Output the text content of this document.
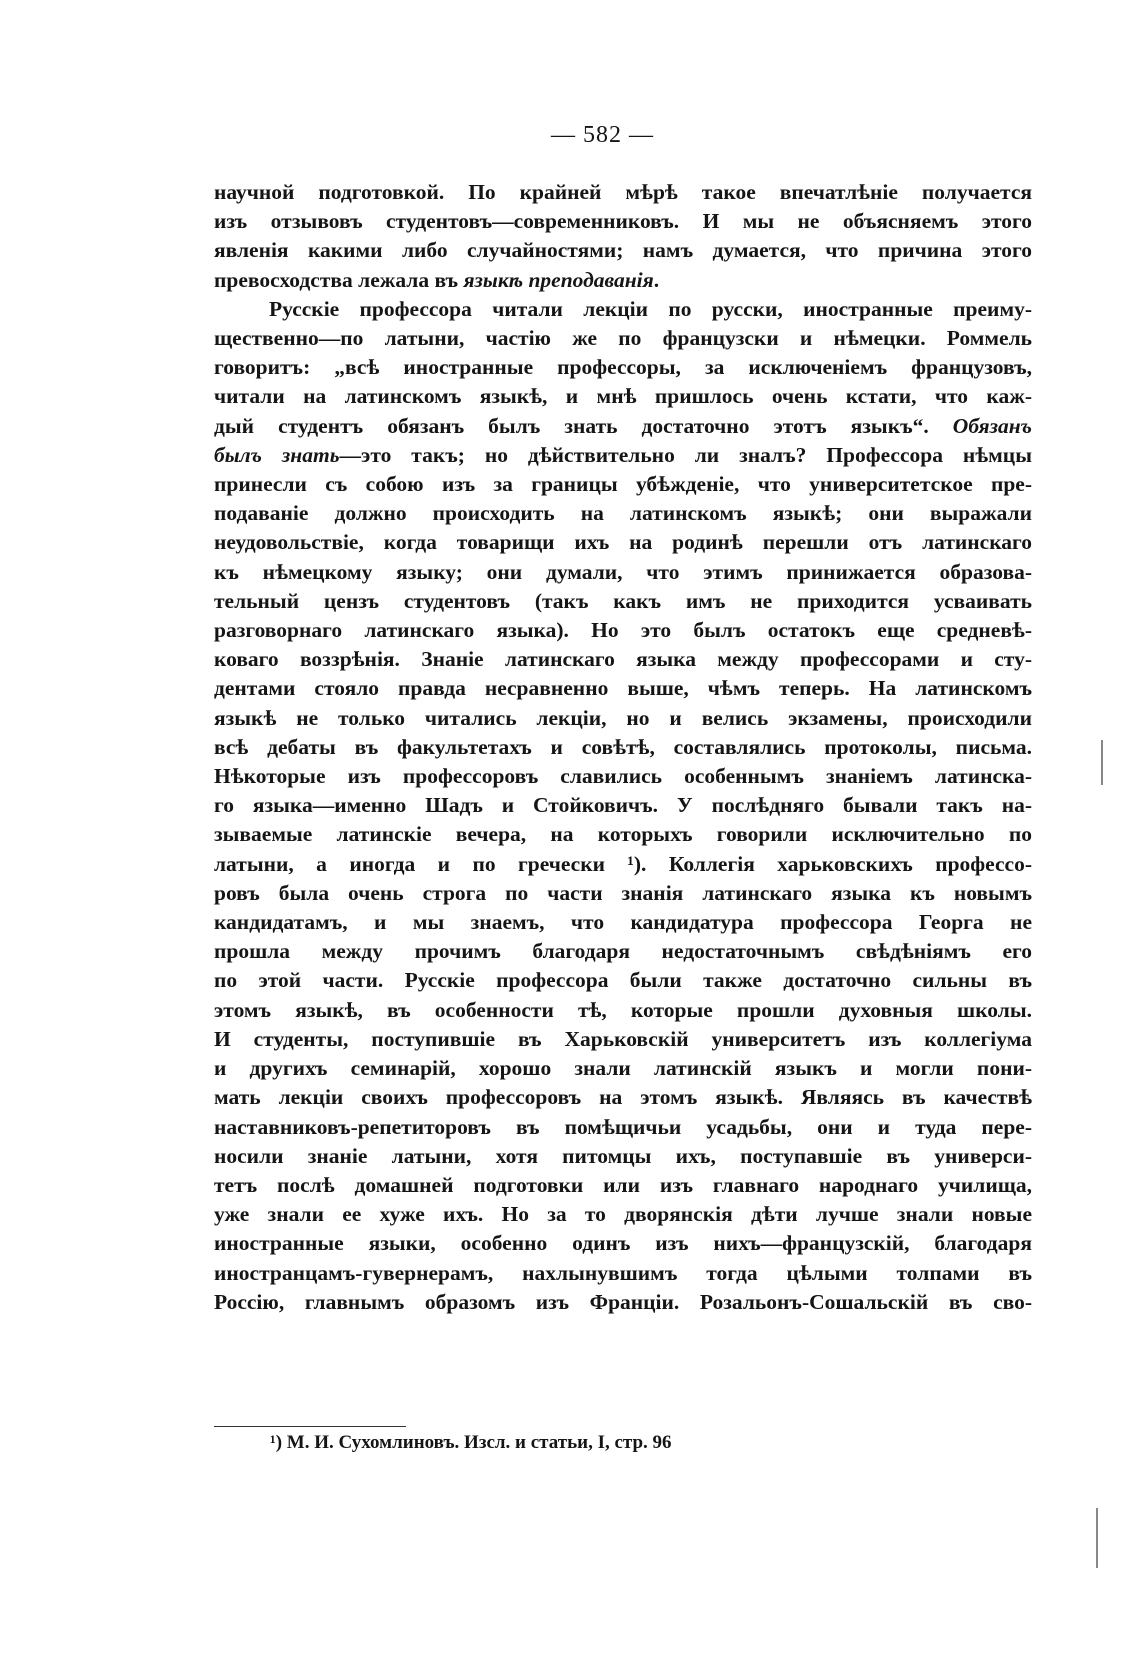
— 582 —
научной подготовкой. По крайней мѣрѣ такое впечатлѣніе получается
изъ отзывовъ студентовъ—современниковъ. И мы не объясняемъ этого
явленія какими либо случайностями; намъ думается, что причина этого
превосходства лежала въ языкѣ преподаванія.
Русскіе профессора читали лекціи по русски, иностранные преиму-
щественно—по латыни, частію же по французски и нѣмецки. Роммель
говоритъ: „всѣ иностранные профессоры, за исключеніемъ французовъ,
читали на латинскомъ языкѣ, и мнѣ пришлось очень кстати, что каж-
дый студентъ обязанъ былъ знать достаточно этотъ языкъ“. Обязанъ
былъ знать—это такъ; но дѣйствительно ли зналъ? Профессора нѣмцы
принесли съ собою изъ за границы убѣжденіе, что университетское пре-
подаваніе должно происходить на латинскомъ языкѣ; они выражали
неудовольствіе, когда товарищи ихъ на родинѣ перешли отъ латинскаго
къ нѣмецкому языку; они думали, что этимъ принижается образова-
тельный цензъ студентовъ (такъ какъ имъ не приходится усваивать
разговорнаго латинскаго языка). Но это былъ остатокъ еще средневѣ-
коваго воззрѣнія. Знаніе латинскаго языка между профессорами и сту-
дентами стояло правда несравненно выше, чѣмъ теперь. На латинскомъ
языкѣ не только читались лекціи, но и велись экзамены, происходили
всѣ дебаты въ факультетахъ и совѣтѣ, составлялись протоколы, письма.
Нѣкоторые изъ профессоровъ славились особеннымъ знаніемъ латинска-
го языка—именно Шадъ и Стойковичъ. У послѣдняго бывали такъ на-
зываемые латинскіе вечера, на которыхъ говорили исключительно по
латыни, а иногда и по гречески ¹). Коллегія харьковскихъ профессо-
ровъ была очень строга по части знанія латинскаго языка къ новымъ
кандидатамъ, и мы знаемъ, что кандидатура профессора Георга не
прошла между прочимъ благодаря недостаточнымъ свѣдѣніямъ его
по этой части. Русскіе профессора были также достаточно сильны въ
этомъ языкѣ, въ особенности тѣ, которые прошли духовныя школы.
И студенты, поступившіе въ Харьковскій университетъ изъ коллегіума
и другихъ семинарій, хорошо знали латинскій языкъ и могли пони-
мать лекціи своихъ профессоровъ на этомъ языкѣ. Являясь въ качествѣ
наставниковъ-репетиторовъ въ помѣщичьи усадьбы, они и туда пере-
носили знаніе латыни, хотя питомцы ихъ, поступавшіе въ универси-
тетъ послѣ домашней подготовки или изъ главнаго народнаго училища,
уже знали ее хуже ихъ. Но за то дворянскія дѣти лучше знали новые
иностранные языки, особенно одинъ изъ нихъ—французскій, благодаря
иностранцамъ-гувернерамъ, нахлынувшимъ тогда цѣлыми толпами въ
Россію, главнымъ образомъ изъ Франціи. Розальонъ-Сошальскій въ сво-
¹) М. И. Сухомлиновъ. Изсл. и статьи, I, стр. 96
